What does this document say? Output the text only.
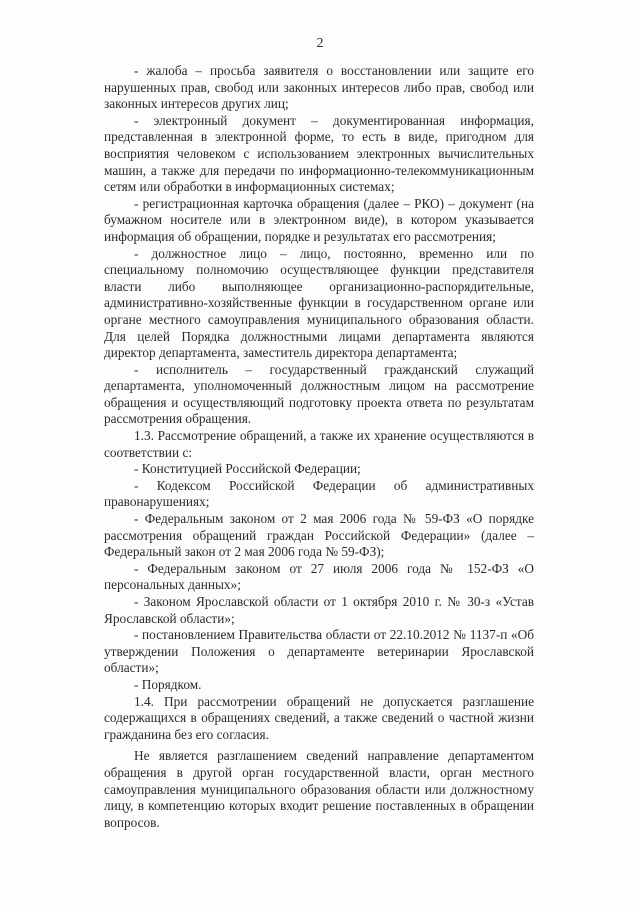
2

- жалоба – просьба заявителя о восстановлении или защите его нарушенных прав, свобод или законных интересов либо прав, свобод или законных интересов других лиц;

- электронный документ – документированная информация, представленная в электронной форме, то есть в виде, пригодном для восприятия человеком с использованием электронных вычислительных машин, а также для передачи по информационно-телекоммуникационным сетям или обработки в информационных системах;

- регистрационная карточка обращения (далее – РКО) – документ (на бумажном носителе или в электронном виде), в котором указывается информация об обращении, порядке и результатах его рассмотрения;

- должностное лицо – лицо, постоянно, временно или по специальному полномочию осуществляющее функции представителя власти либо выполняющее организационно-распорядительные, административно-хозяйственные функции в государственном органе или органе местного самоуправления муниципального образования области. Для целей Порядка должностными лицами департамента являются директор департамента, заместитель директора департамента;

- исполнитель – государственный гражданский служащий департамента, уполномоченный должностным лицом на рассмотрение обращения и осуществляющий подготовку проекта ответа по результатам рассмотрения обращения.

1.3. Рассмотрение обращений, а также их хранение осуществляются в соответствии с:

- Конституцией Российской Федерации;

- Кодексом Российской Федерации об административных правонарушениях;

- Федеральным законом от 2 мая 2006 года № 59-ФЗ «О порядке рассмотрения обращений граждан Российской Федерации» (далее – Федеральный закон от 2 мая 2006 года № 59-ФЗ);

- Федеральным законом от 27 июля 2006 года № 152-ФЗ «О персональных данных»;

- Законом Ярославской области от 1 октября 2010 г. № 30-з «Устав Ярославской области»;

- постановлением Правительства области от 22.10.2012 № 1137-п «Об утверждении Положения о департаменте ветеринарии Ярославской области»;

- Порядком.

1.4. При рассмотрении обращений не допускается разглашение содержащихся в обращениях сведений, а также сведений о частной жизни гражданина без его согласия.

Не является разглашением сведений направление департаментом обращения в другой орган государственной власти, орган местного самоуправления муниципального образования области или должностному лицу, в компетенцию которых входит решение поставленных в обращении вопросов.
